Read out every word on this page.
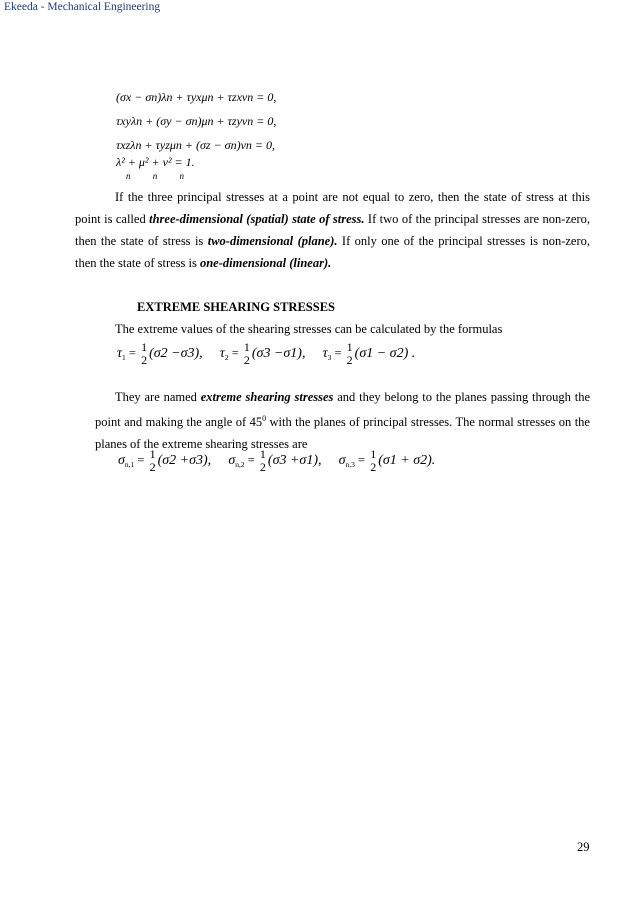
Ekeeda - Mechanical Engineering
(σx − σn)λn + τyxμn + τzxνn = 0,
τxyλn + (σy − σn)μn + τzyνn = 0,
τxzλn + τyzμn + (σz − σn)νn = 0,
λ² + μ² + ν² = 1.
n n n
If the three principal stresses at a point are not equal to zero, then the state of stress at this point is called three-dimensional (spatial) state of stress. If two of the principal stresses are non-zero, then the state of stress is two-dimensional (plane). If only one of the principal stresses is non-zero, then the state of stress is one-dimensional (linear).
EXTREME SHEARING STRESSES
The extreme values of the shearing stresses can be calculated by the formulas
$\tau_1 = 1$
2 (σ2 −σ3), $\tau_2 = 1$
2 (σ3 −σ1), $\tau_3 = 1$
2 (σ1 − σ2) .
They are named extreme shearing stresses and they belong to the planes passing through the point and making the angle of $45^0$ with the planes of principal stresses. The normal stresses on the planes of the extreme shearing stresses are
$\sigma_{n,1} = 1$
2 (σ2 +σ3), $\sigma_{n,2} = 1$
2 (σ3 +σ1), $\sigma_{n,3} = 1$
2 (σ1 + σ2).
29
